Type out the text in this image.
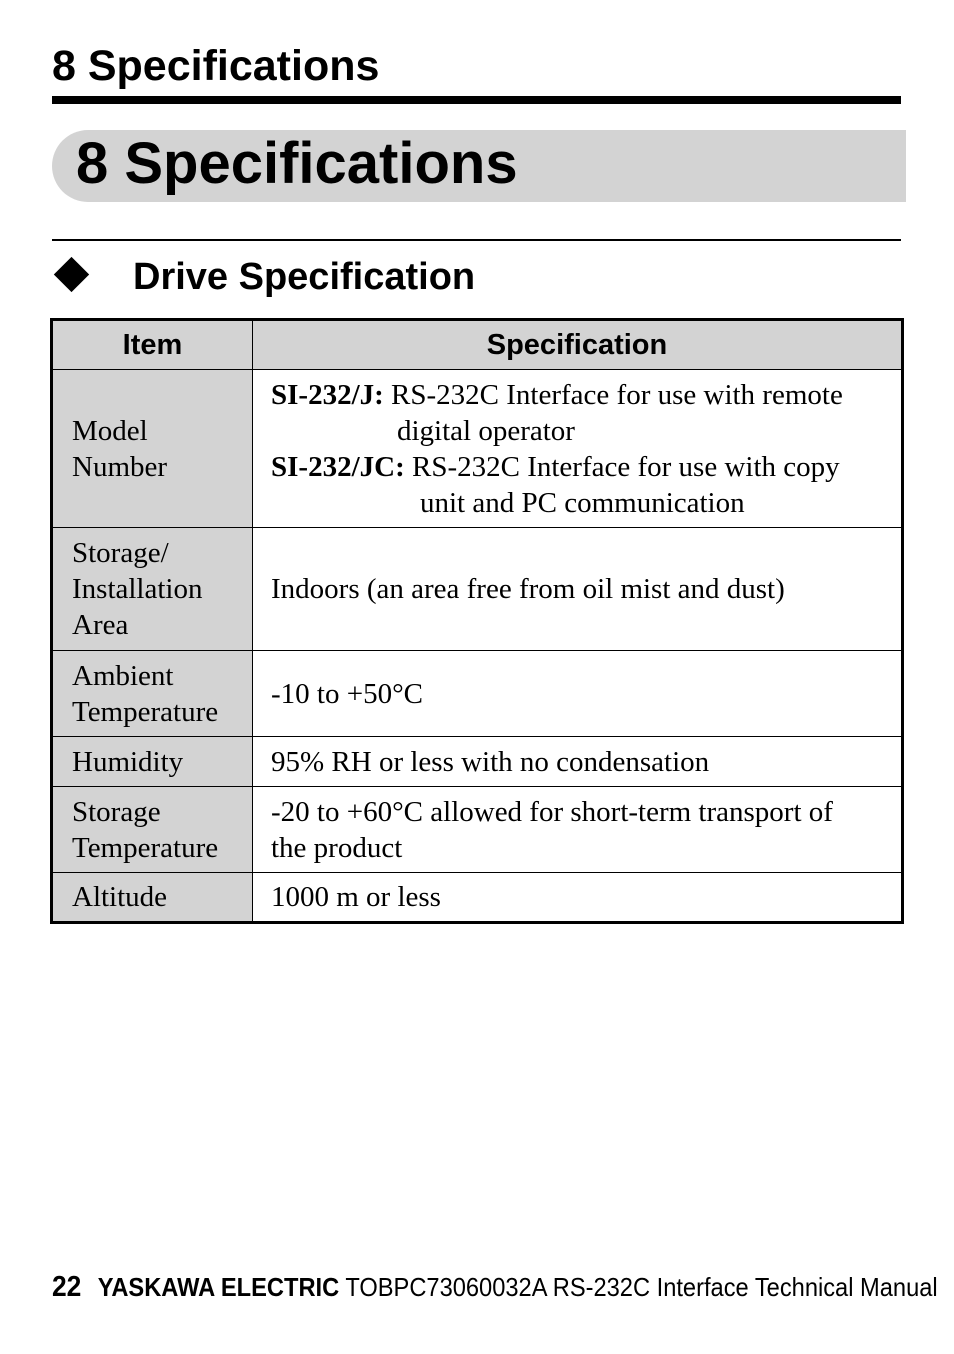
8 Specifications
8 Specifications
Drive Specification
Item	Specification

Model
Number	SI-232/J: RS-232C Interface for use with remote
digital operator
SI-232/JC: RS-232C Interface for use with copy
unit and PC communication

Storage/
Installation
Area	Indoors (an area free from oil mist and dust)

Ambient
Temperature	-10 to +50°C

Humidity	95% RH or less with no condensation

Storage
Temperature	-20 to +60°C allowed for short-term transport of
the product

Altitude	1000 m or less
22 YASKAWA ELECTRIC TOBPC73060032A RS-232C Interface Technical Manual
